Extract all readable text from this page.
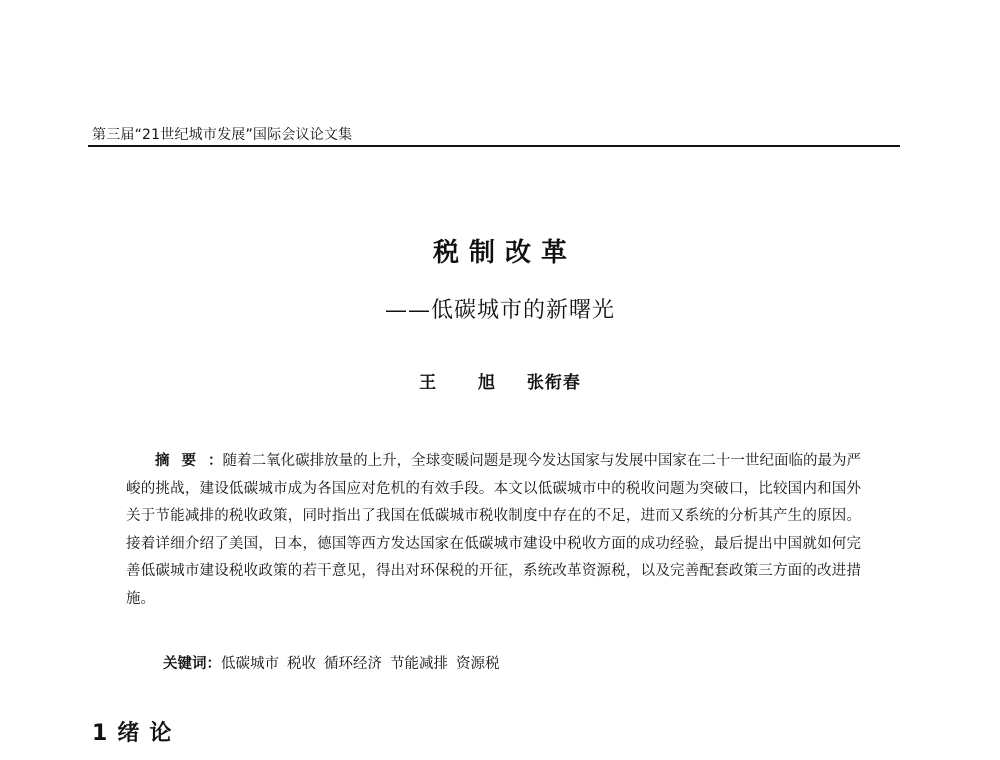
第三届“21世纪城市发展”国际会议论文集
税制改革
——低碳城市的新曙光
王 旭 张衔春
摘要：随着二氧化碳排放量的上升，全球变暖问题是现今发达国家与发展中国家在二十一世纪面临的最为严峻的挑战，建设低碳城市成为各国应对危机的有效手段。本文以低碳城市中的税收问题为突破口，比较国内和国外关于节能减排的税收政策，同时指出了我国在低碳城市税收制度中存在的不足，进而又系统的分析其产生的原因。接着详细介绍了美国，日本，德国等西方发达国家在低碳城市建设中税收方面的成功经验，最后提出中国就如何完善低碳城市建设税收政策的若干意见，得出对环保税的开征，系统改革资源税，以及完善配套政策三方面的改进措施。
关键词：低碳城市 税收 循环经济 节能减排 资源税
1 绪论
